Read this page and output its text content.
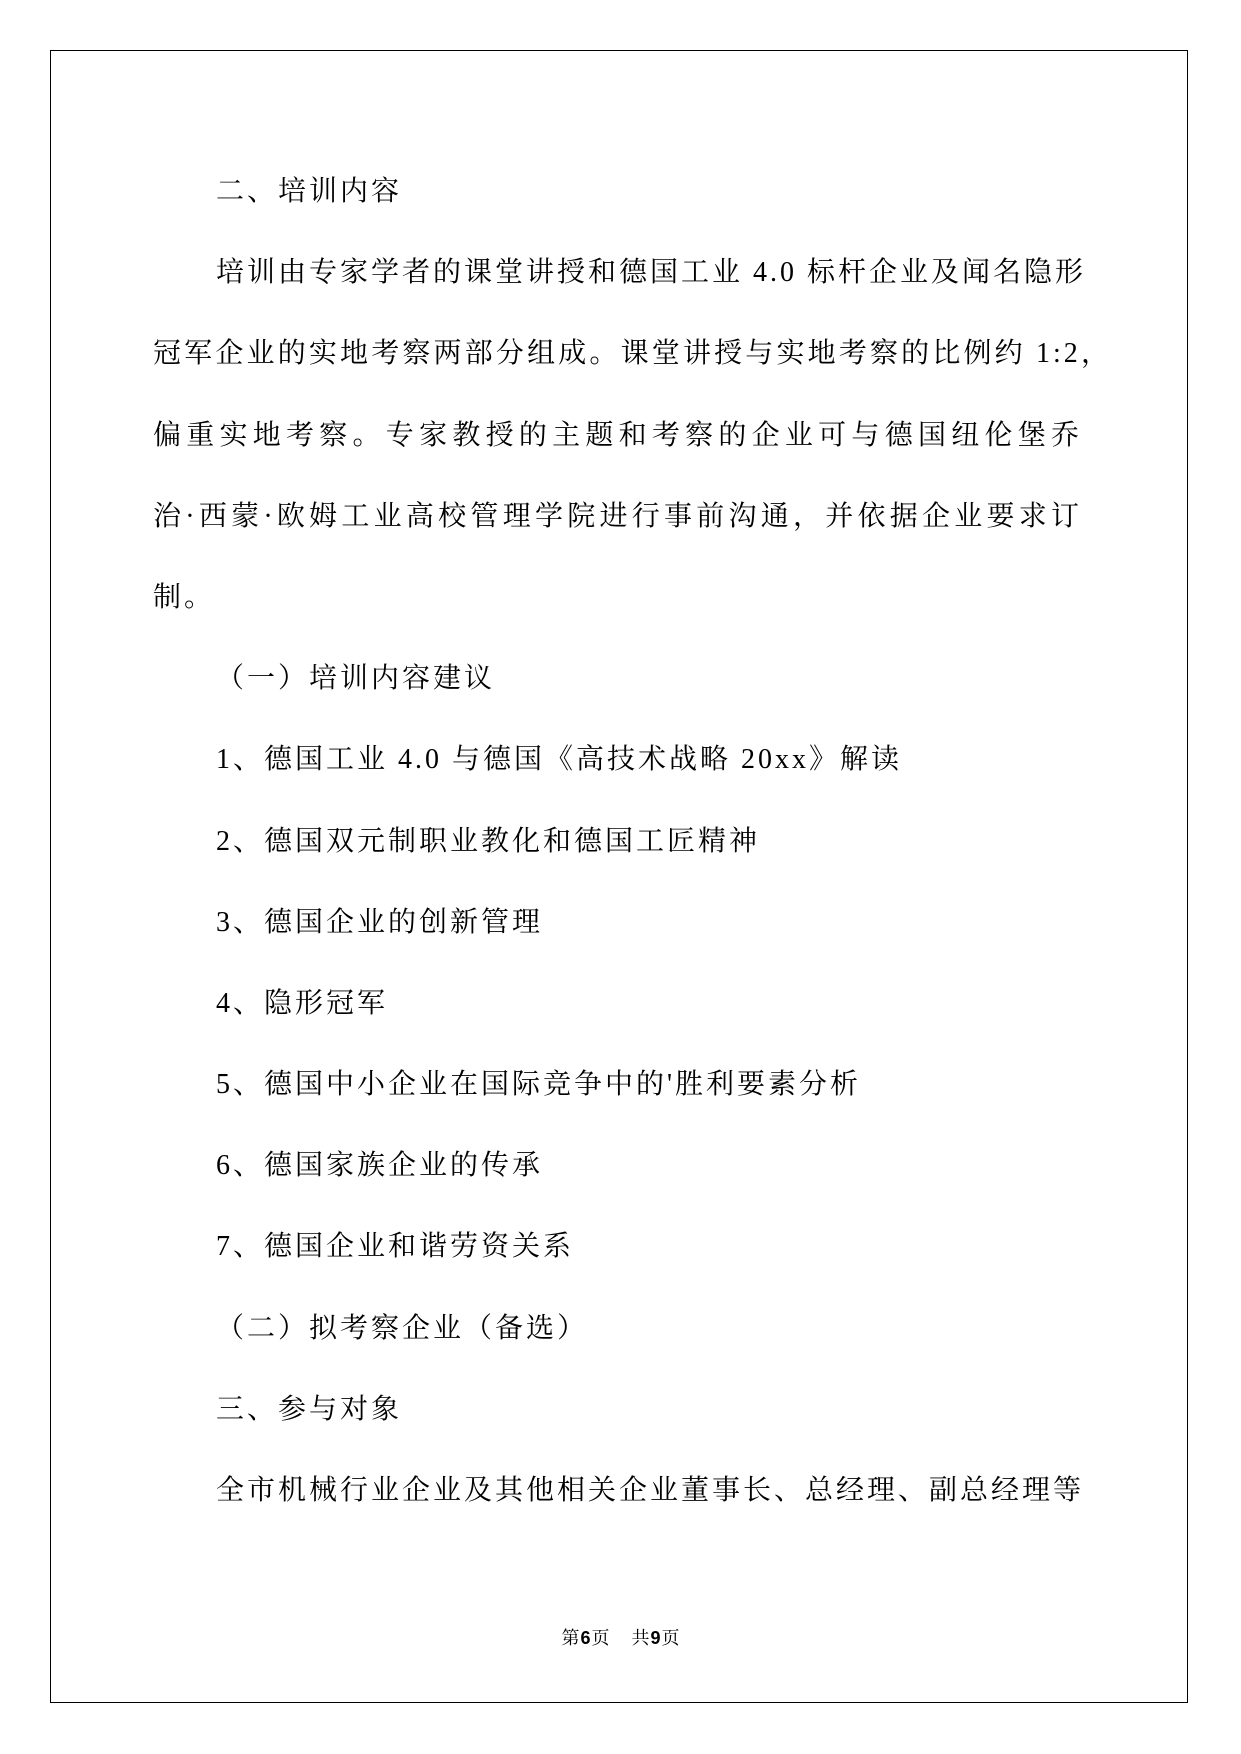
二、培训内容
培训由专家学者的课堂讲授和德国工业 4.0 标杆企业及闻名隐形
冠军企业的实地考察两部分组成。课堂讲授与实地考察的比例约 1:2，
偏重实地考察。专家教授的主题和考察的企业可与德国纽伦堡乔
治·西蒙·欧姆工业高校管理学院进行事前沟通，并依据企业要求订
制。
（一）培训内容建议
1、德国工业 4.0 与德国《高技术战略 20xx》解读
2、德国双元制职业教化和德国工匠精神
3、德国企业的创新管理
4、隐形冠军
5、德国中小企业在国际竞争中的'胜利要素分析
6、德国家族企业的传承
7、德国企业和谐劳资关系
（二）拟考察企业（备选）
三、参与对象
全市机械行业企业及其他相关企业董事长、总经理、副总经理等
第6页 共9页
